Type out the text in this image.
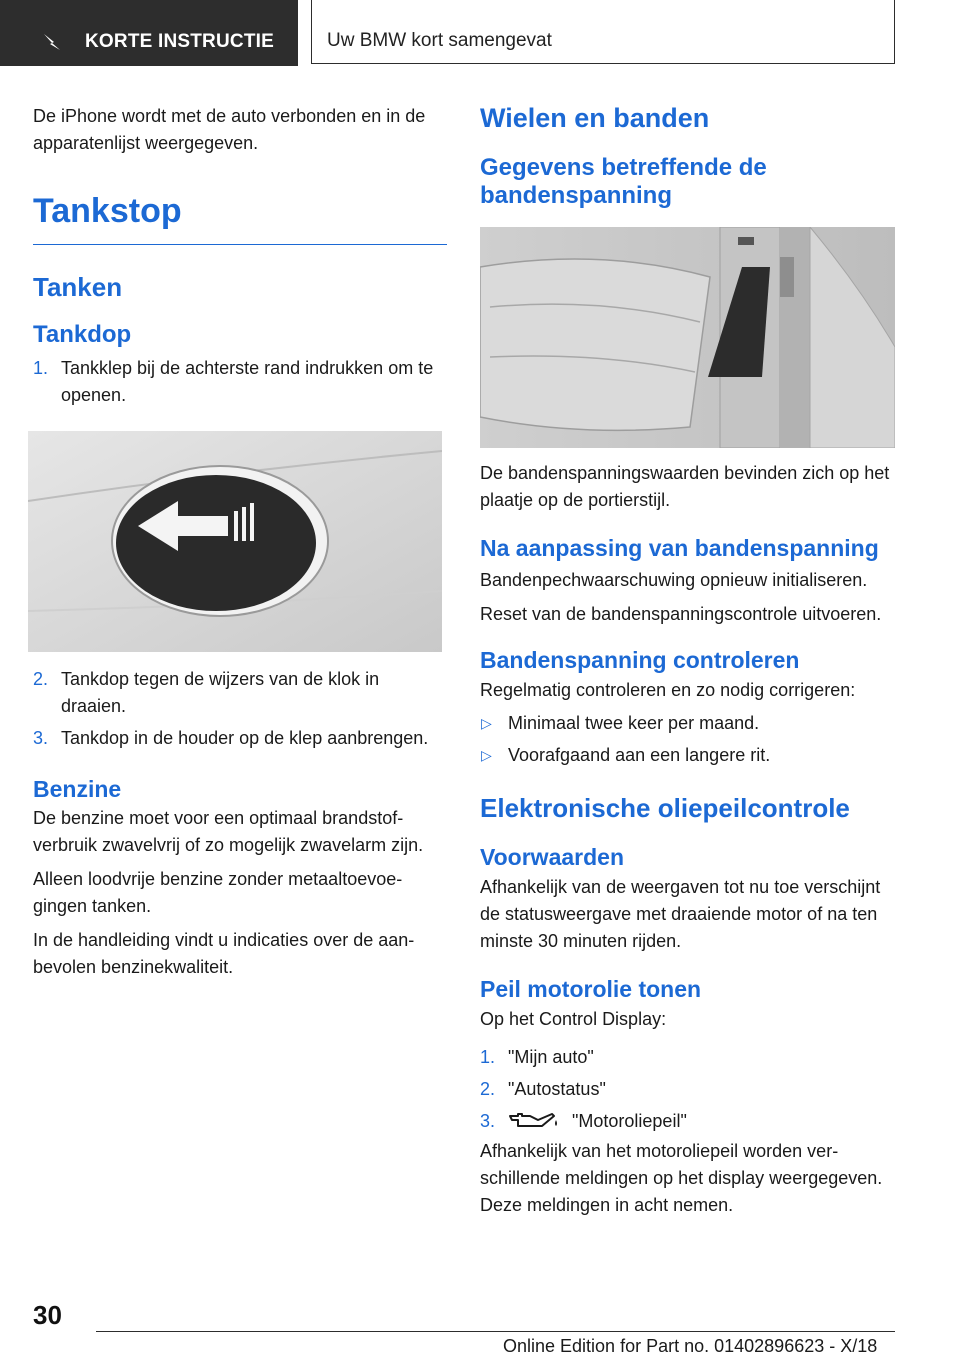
KORTE INSTRUCTIE	Uw BMW kort samengevat

De iPhone wordt met de auto verbonden en in de apparatenlijst weergegeven.

Tankstop
Tanken
Tankdop
1. Tankklep bij de achterste rand indrukken om te openen.
2. Tankdop tegen de wijzers van de klok in draaien.
3. Tankdop in de houder op de klep aanbrengen.
Benzine

De benzine moet voor een optimaal brandstofverbruik zwavelvrij of zo mogelijk zwavelarm zijn.

Alleen loodvrije benzine zonder metaaltoevoegingen tanken.

In de handleiding vindt u indicaties over de aanbevolen benzinekwaliteit.

Wielen en banden
Gegevens betreffende de bandenspanning

De bandenspanningswaarden bevinden zich op het plaatje op de portierstijl.

Na aanpassing van bandenspanning

Bandenpechwaarschuwing opnieuw initialiseren.

Reset van de bandenspanningscontrole uitvoeren.

Bandenspanning controleren

Regelmatig controleren en zo nodig corrigeren:

▷ Minimaal twee keer per maand.
▷ Voorafgaand aan een langere rit.
Elektronische oliepeilcontrole
Voorwaarden

Afhankelijk van de weergaven tot nu toe verschijnt de statusweergave met draaiende motor of na ten minste 30 minuten rijden.

Peil motorolie tonen

Op het Control Display:

1. "Mijn auto"
2. "Autostatus"
3.	"Motoroliepeil"

Afhankelijk van het motoroliepeil worden verschillende meldingen op het display weergegeven. Deze meldingen in acht nemen.

30
Online Edition for Part no. 01402896623 - X/18
